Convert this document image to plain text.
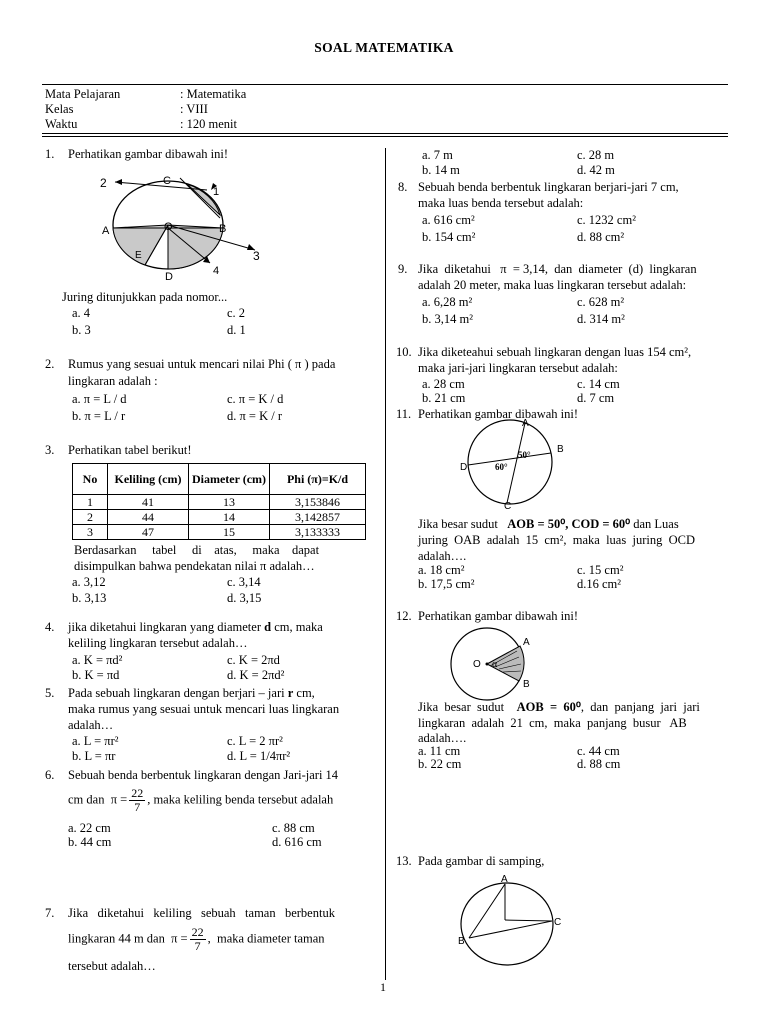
SOAL MATEMATIKA
Mata Pelajaran	: Matematika
Kelas	: VIII
Waktu	: 120 menit
1. Perhatikan gambar dibawah ini!
2	C
1
A	O	B
E	3
D	4
Juring ditunjukkan pada nomor...
a. 4
b. 3
c. 2
d. 1
2. Rumus yang sesuai untuk mencari nilai Phi ( π ) pada
lingkaran adalah :
a. π = L / d
b. π = L / r
c. π = K / d
d. π = K / r
3. Perhatikan tabel berikut!
No	Keliling (cm)	Diameter (cm)	Phi (π)=K/d
1	41	13	3,153846
2	44	14	3,142857
3	47	15	3,133333
Berdasarkan     tabel     di    atas,     maka    dapat
disimpulkan bahwa pendekatan nilai π adalah…
a. 3,12
b. 3,13
c. 3,14
d. 3,15
4. jika diketahui lingkaran yang diameter d cm, maka
keliling lingkaran tersebut adalah…
a. K = πd²
b. K = πd
c. K = 2πd
d. K = 2πd²
5. Pada sebuah lingkaran dengan berjari – jari r cm,
maka rumus yang sesuai untuk mencari luas lingkaran
adalah…
a. L = πr²
b. L = πr
c. L = 2 πr²
d. L = 1/4πr²
6. Sebuah benda berbentuk lingkaran dengan Jari-jari 14
cm dan  $\pi = \frac{22}{7}$ , maka keliling benda tersebut adalah
a. 22 cm
b. 44 cm
c. 88 cm
d. 616 cm
7. Jika   diketahui   keliling   sebuah   taman   berbentuk
lingkaran 44 m dan  $\pi = \frac{22}{7}$ ,  maka diameter taman
tersebut adalah…
a. 7 m
b. 14 m
c. 28 m
d. 42 m
8. Sebuah benda berbentuk lingkaran berjari-jari 7 cm,
maka luas benda tersebut adalah:
a. 616 cm²
b. 154 cm²
c. 1232 cm²
d. 88 cm²
9. Jika  diketahui   π  = 3,14,  dan  diameter  (d)  lingkaran
adalah 20 meter, maka luas lingkaran tersebut adalah:
a. 6,28 m²
b. 3,14 m²
c. 628 m²
d. 314 m²
10. Jika diketeahui sebuah lingkaran dengan luas 154 cm²,
maka jari-jari lingkaran tersebut adalah:
a. 28 cm
b. 21 cm
c. 14 cm
d. 7 cm
11. Perhatikan gambar dibawah ini!
A
B
D
C
50°
60°
Jika besar sudut   AOB = 50⁰, COD = 60⁰ dan Luas
juring  OAB  adalah  15  cm²,  maka  luas  juring  OCD
adalah….
a. 18 cm²
b. 17,5 cm²
c. 15 cm²
d.16 cm²
12. Perhatikan gambar dibawah ini!
A
O
B
α
Jika  besar  sudut    AOB  =  60⁰,  dan  panjang  jari  jari
lingkaran  adalah  21  cm,  maka  panjang  busur   AB
adalah….
a. 11 cm
b. 22 cm
c. 44 cm
d. 88 cm
13. Pada gambar di samping,
A
B
C
1
